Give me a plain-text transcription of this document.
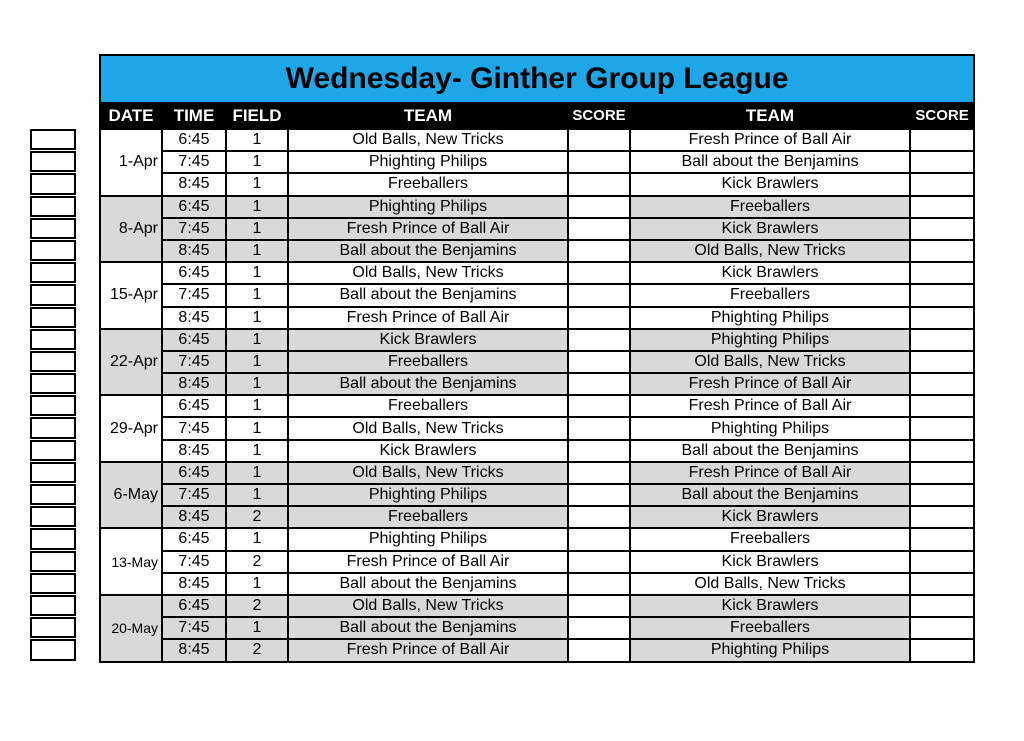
Wednesday- Ginther Group League						
DATE	TIME	FIELD	TEAM	SCORE	TEAM	SCORE
1-Apr	6:45	1	Old Balls, New Tricks		Fresh Prince of Ball Air	
	7:45	1	Phighting Philips		Ball about the Benjamins	
	8:45	1	Freeballers		Kick Brawlers	
8-Apr	6:45	1	Phighting Philips		Freeballers	
	7:45	1	Fresh Prince of Ball Air		Kick Brawlers	
	8:45	1	Ball about the Benjamins		Old Balls, New Tricks	
15-Apr	6:45	1	Old Balls, New Tricks		Kick Brawlers	
	7:45	1	Ball about the Benjamins		Freeballers	
	8:45	1	Fresh Prince of Ball Air		Phighting Philips	
22-Apr	6:45	1	Kick Brawlers		Phighting Philips	
	7:45	1	Freeballers		Old Balls, New Tricks	
	8:45	1	Ball about the Benjamins		Fresh Prince of Ball Air	
29-Apr	6:45	1	Freeballers		Fresh Prince of Ball Air	
	7:45	1	Old Balls, New Tricks		Phighting Philips	
	8:45	1	Kick Brawlers		Ball about the Benjamins	
6-May	6:45	1	Old Balls, New Tricks		Fresh Prince of Ball Air	
	7:45	1	Phighting Philips		Ball about the Benjamins	
	8:45	2	Freeballers		Kick Brawlers	
13-May	6:45	1	Phighting Philips		Freeballers	
	7:45	2	Fresh Prince of Ball Air		Kick Brawlers	
	8:45	1	Ball about the Benjamins		Old Balls, New Tricks	
20-May	6:45	2	Old Balls, New Tricks		Kick Brawlers	
	7:45	1	Ball about the Benjamins		Freeballers	
	8:45	2	Fresh Prince of Ball Air		Phighting Philips	
